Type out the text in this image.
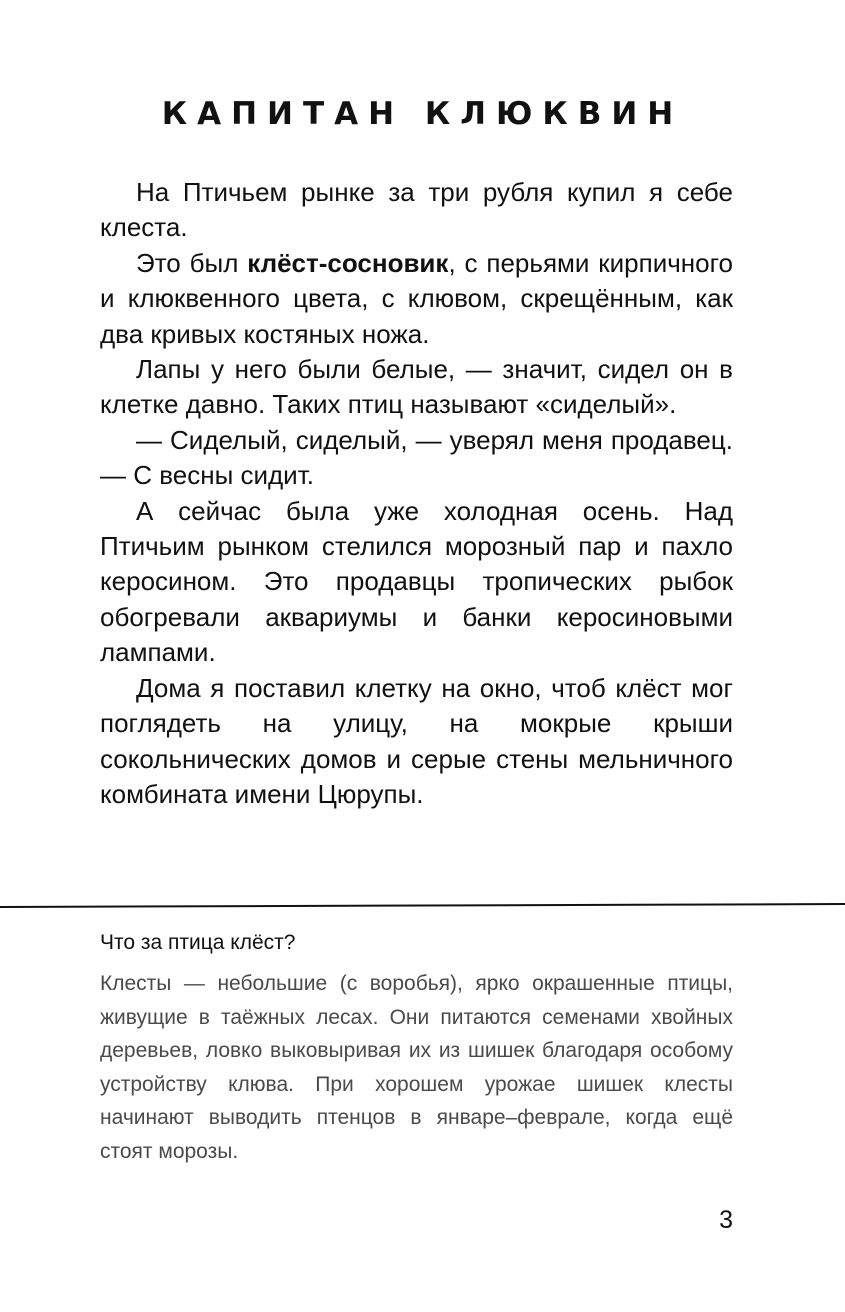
КАПИТАН КЛЮКВИН

На Птичьем рынке за три рубля купил я себе клеста.

Это был клёст-сосновик, с перьями кирпичного и клюквенного цвета, с клювом, скрещённым, как два кривых костяных ножа.

Лапы у него были белые, — значит, сидел он в клетке давно. Таких птиц называют «сиделый».

— Сиделый, сиделый, — уверял меня продавец. — С весны сидит.

А сейчас была уже холодная осень. Над Птичьим рынком стелился морозный пар и пахло керосином. Это продавцы тропических рыбок обогревали аквариумы и банки керосиновыми лампами.

Дома я поставил клетку на окно, чтоб клёст мог поглядеть на улицу, на мокрые крыши сокольнических домов и серые стены мельничного комбината имени Цюрупы.

Что за птица клёст?
Клесты — небольшие (с воробья), ярко окрашенные птицы, живущие в таёжных лесах. Они питаются семенами хвойных деревьев, ловко выковыривая их из шишек благодаря особому устройству клюва. При хорошем урожае шишек клесты начинают выводить птенцов в январе–феврале, когда ещё стоят морозы.
3
